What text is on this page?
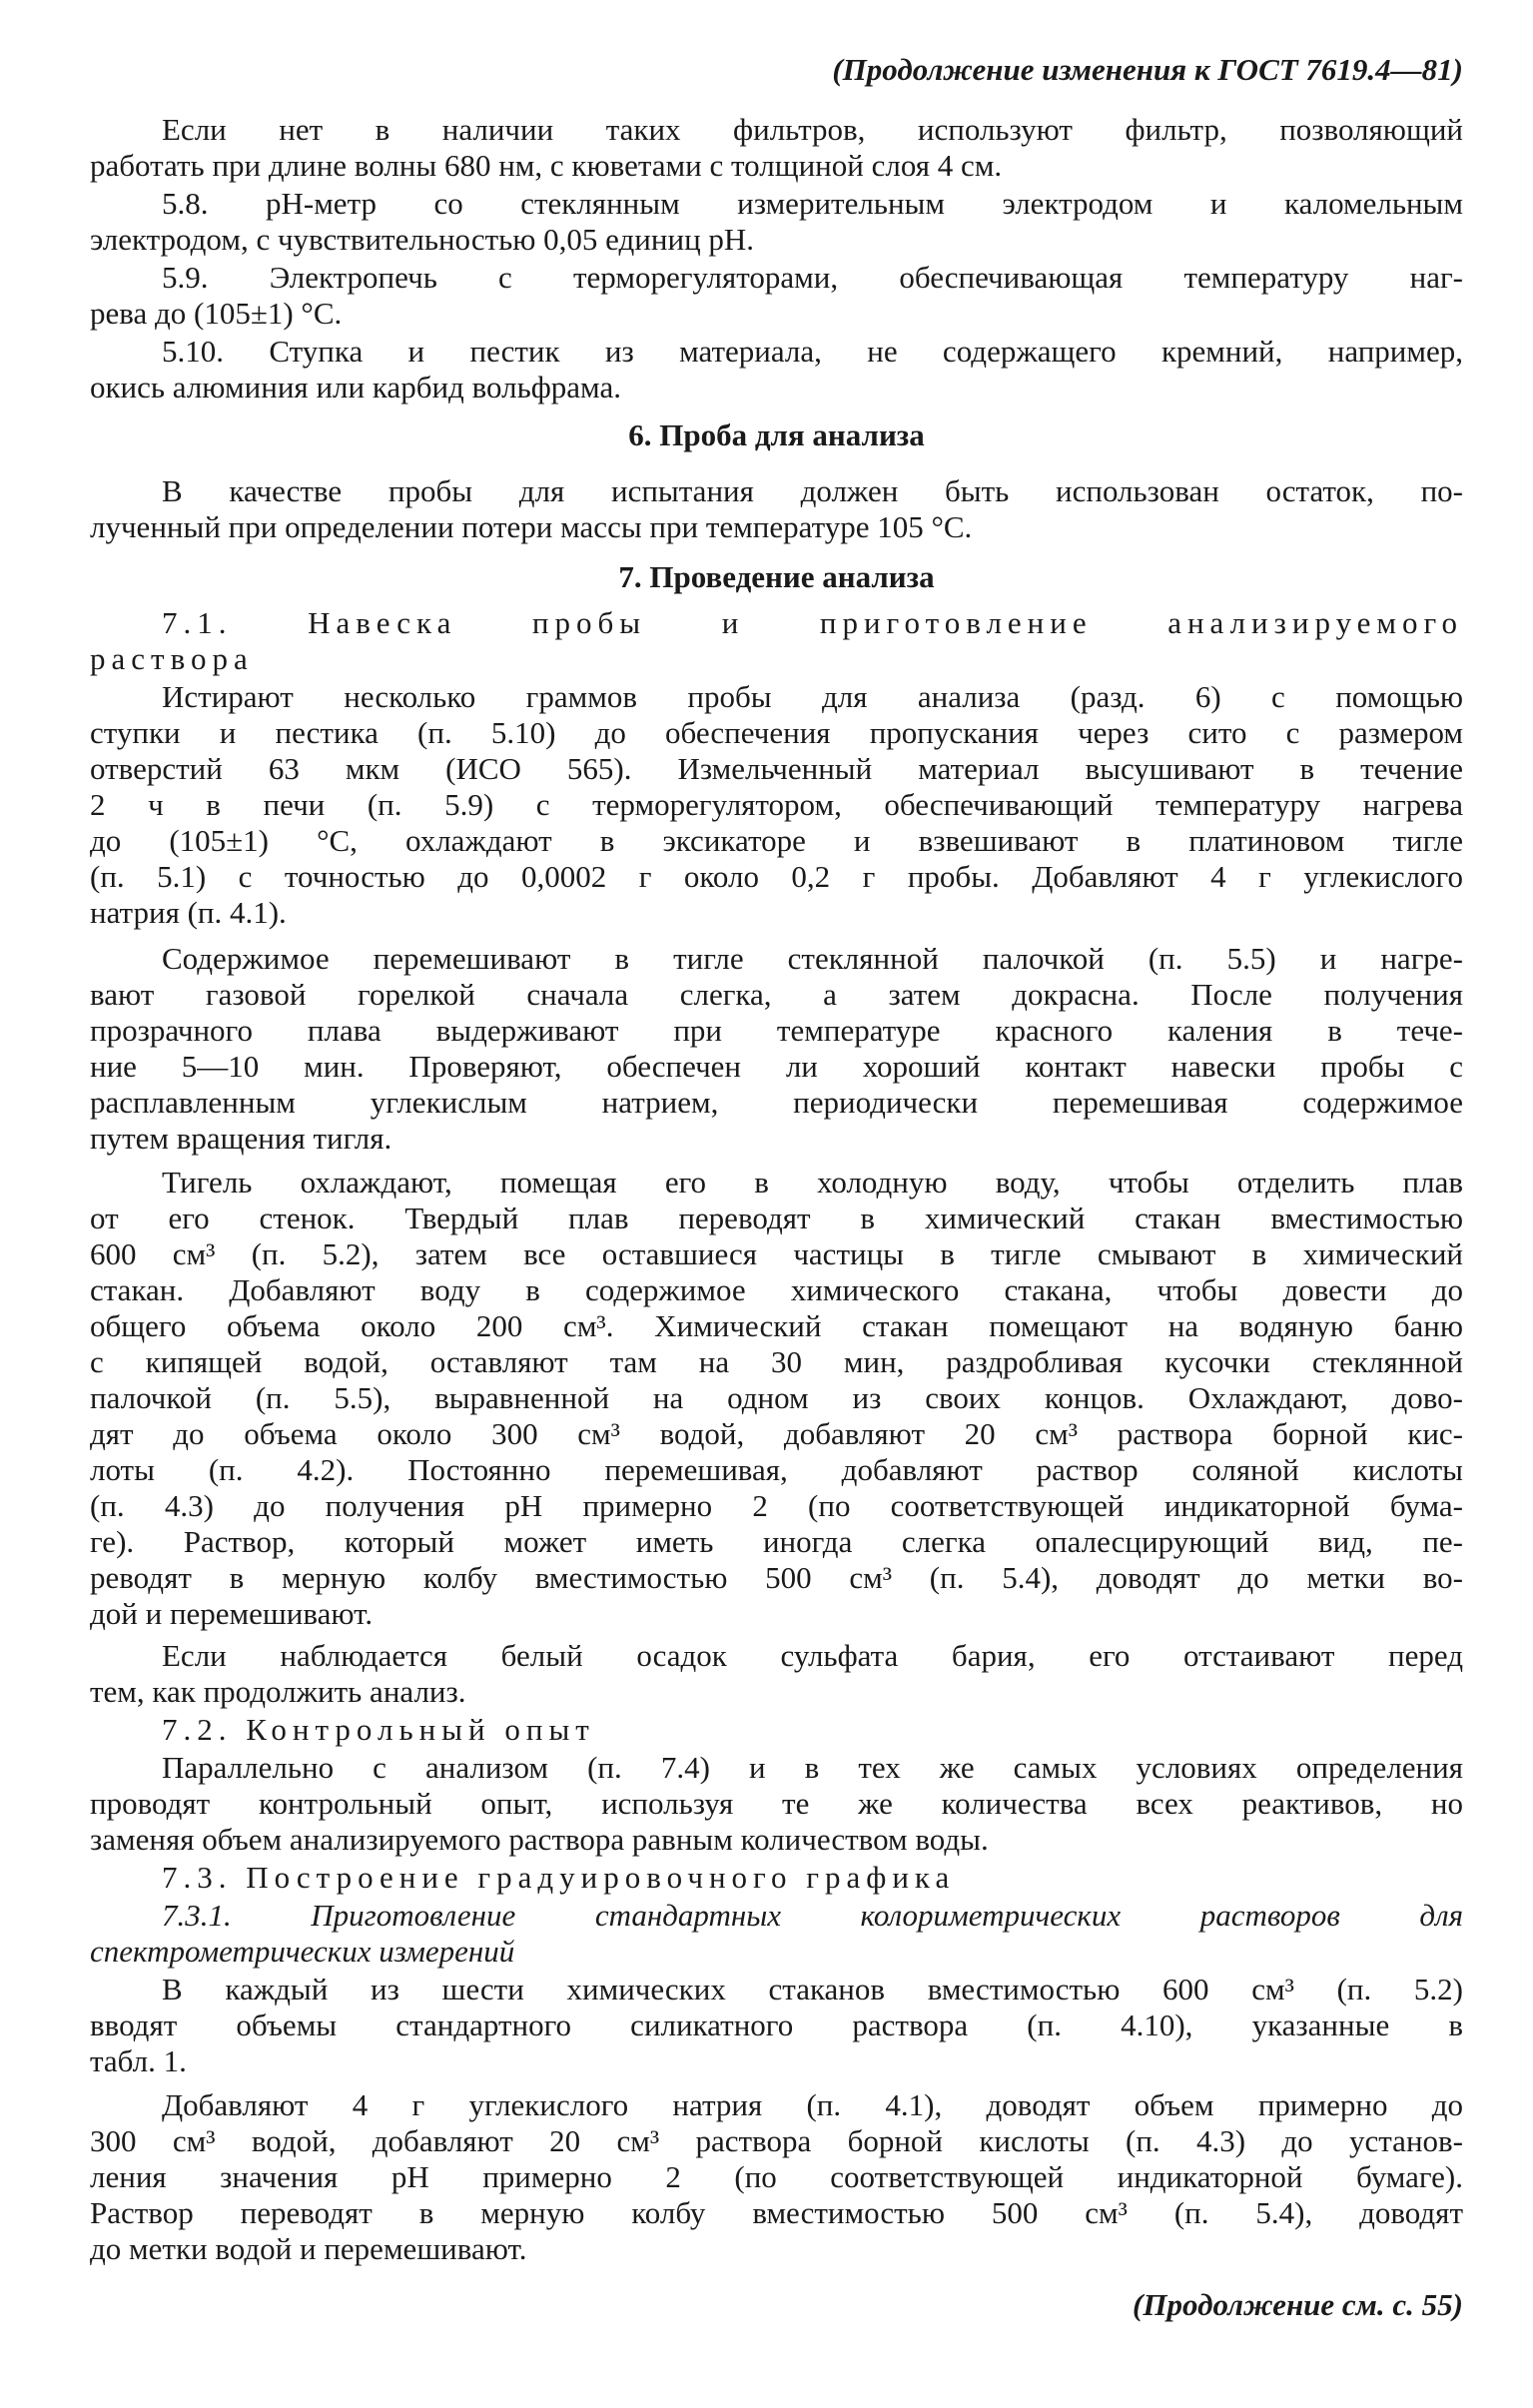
(Продолжение изменения к ГОСТ 7619.4—81)
Если нет в наличии таких фильтров, используют фильтр, позволяющий
работать при длине волны 680 нм, с кюветами с толщиной слоя 4 см.
5.8. рН-метр со стеклянным измерительным электродом и каломельным
электродом, с чувствительностью 0,05 единиц рН.
5.9. Электропечь с терморегуляторами, обеспечивающая температуру наг-
рева до (105±1) °С.
5.10. Ступка и пестик из материала, не содержащего кремний, например,
окись алюминия или карбид вольфрама.
6. Проба для анализа
В качестве пробы для испытания должен быть использован остаток, по-
лученный при определении потери массы при температуре 105 °С.
7. Проведение анализа
7.1. Навеска пробы и приготовление анализируемого
раствора
Истирают несколько граммов пробы для анализа (разд. 6) с помощью
ступки и пестика (п. 5.10) до обеспечения пропускания через сито с размером
отверстий 63 мкм (ИСО 565). Измельченный материал высушивают в течение
2 ч в печи (п. 5.9) с терморегулятором, обеспечивающий температуру нагрева
до (105±1) °С, охлаждают в эксикаторе и взвешивают в платиновом тигле
(п. 5.1) с точностью до 0,0002 г около 0,2 г пробы. Добавляют 4 г углекислого
натрия (п. 4.1).
Содержимое перемешивают в тигле стеклянной палочкой (п. 5.5) и нагре-
вают газовой горелкой сначала слегка, а затем докрасна. После получения
прозрачного плава выдерживают при температуре красного каления в тече-
ние 5—10 мин. Проверяют, обеспечен ли хороший контакт навески пробы с
расплавленным углекислым натрием, периодически перемешивая содержимое
путем вращения тигля.
Тигель охлаждают, помещая его в холодную воду, чтобы отделить плав
от его стенок. Твердый плав переводят в химический стакан вместимостью
600 см³ (п. 5.2), затем все оставшиеся частицы в тигле смывают в химический
стакан. Добавляют воду в содержимое химического стакана, чтобы довести до
общего объема около 200 см³. Химический стакан помещают на водяную баню
с кипящей водой, оставляют там на 30 мин, раздробливая кусочки стеклянной
палочкой (п. 5.5), выравненной на одном из своих концов. Охлаждают, дово-
дят до объема около 300 см³ водой, добавляют 20 см³ раствора борной кис-
лоты (п. 4.2). Постоянно перемешивая, добавляют раствор соляной кислоты
(п. 4.3) до получения рН примерно 2 (по соответствующей индикаторной бума-
ге). Раствор, который может иметь иногда слегка опалесцирующий вид, пе-
реводят в мерную колбу вместимостью 500 см³ (п. 5.4), доводят до метки во-
дой и перемешивают.
Если наблюдается белый осадок сульфата бария, его отстаивают перед
тем, как продолжить анализ.
7.2. Контрольный опыт
Параллельно с анализом (п. 7.4) и в тех же самых условиях определения
проводят контрольный опыт, используя те же количества всех реактивов, но
заменяя объем анализируемого раствора равным количеством воды.
7.3. Построение градуировочного графика
7.3.1. Приготовление стандартных колориметрических растворов для
спектрометрических измерений
В каждый из шести химических стаканов вместимостью 600 см³ (п. 5.2)
вводят объемы стандартного силикатного раствора (п. 4.10), указанные в
табл. 1.
Добавляют 4 г углекислого натрия (п. 4.1), доводят объем примерно до
300 см³ водой, добавляют 20 см³ раствора борной кислоты (п. 4.3) до установ-
ления значения рН примерно 2 (по соответствующей индикаторной бумаге).
Раствор переводят в мерную колбу вместимостью 500 см³ (п. 5.4), доводят
до метки водой и перемешивают.
(Продолжение см. с. 55)
